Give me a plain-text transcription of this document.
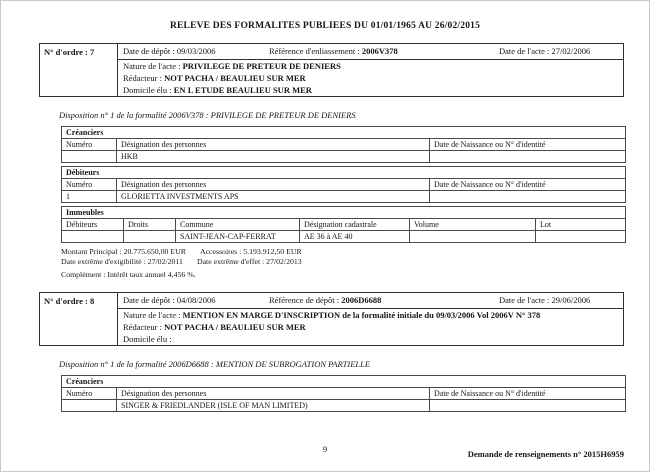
RELEVE DES FORMALITES PUBLIEES DU 01/01/1965 AU 26/02/2015
N° d'ordre : 7	Date de dépôt : 09/03/2006	Référence d'enliassement : 2006V378	Date de l'acte : 27/02/2006
Nature de l'acte : PRIVILEGE DE PRETEUR DE DENIERS
Rédacteur : NOT PACHA / BEAULIEU SUR MER
Domicile élu : EN L ETUDE BEAULIEU SUR MER
Disposition n° 1 de la formalité 2006V378 : PRIVILEGE DE PRETEUR DE DENIERS
Créanciers		
Numéro	Désignation des personnes	Date de Naissance ou N° d'identité
	HKB	
Débiteurs		
Numéro	Désignation des personnes	Date de Naissance ou N° d'identité
1	GLORIETTA INVESTMENTS APS	
Immeubles					
Débiteurs	Droits	Commune	Désignation cadastrale	Volume	Lot
		SAINT-JEAN-CAP-FERRAT	AE 36 à AE 40		
Montant Principal : 20.775.650,00 EUR Accessoires : 5.193.912,50 EUR
Date extrême d'exigibilité : 27/02/2011 Date extrême d'effet : 27/02/2013
Complément : Intérêt taux annuel 4,456 %.
N° d'ordre : 8	Date de dépôt : 04/08/2006	Référence de dépôt : 2006D6688	Date de l'acte : 29/06/2006
Nature de l'acte : MENTION EN MARGE D'INSCRIPTION de la formalité initiale du 09/03/2006 Vol 2006V N° 378
Rédacteur : NOT PACHA / BEAULIEU SUR MER
Domicile élu :
Disposition n° 1 de la formalité 2006D6688 : MENTION DE SUBROGATION PARTIELLE
Créanciers		
Numéro	Désignation des personnes	Date de Naissance ou N° d'identité
	SINGER & FRIEDLANDER (ISLE OF MAN LIMITED)	
9	Demande de renseignements n° 2015H6959
